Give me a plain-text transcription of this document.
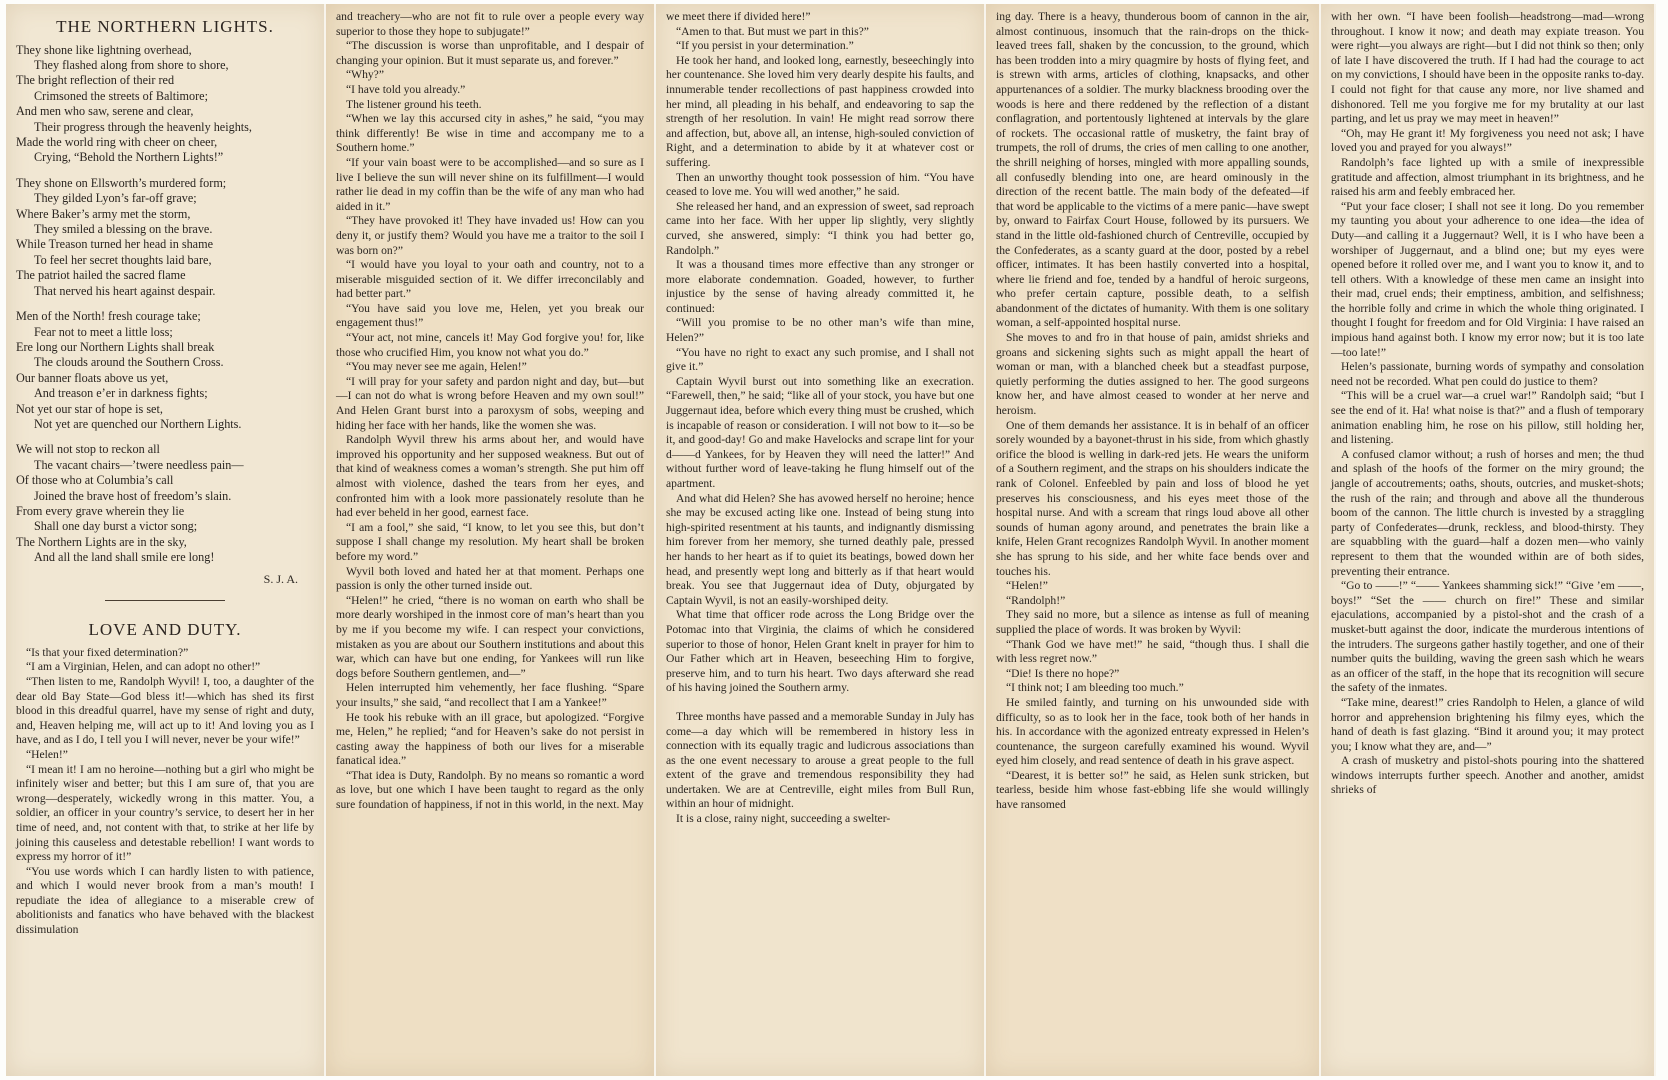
THE NORTHERN LIGHTS.
They shone like lightning overhead,
They flashed along from shore to shore,
The bright reflection of their red
Crimsoned the streets of Baltimore;
And men who saw, serene and clear,
Their progress through the heavenly heights,
Made the world ring with cheer on cheer,
Crying, “Behold the Northern Lights!”
They shone on Ellsworth’s murdered form;
They gilded Lyon’s far-off grave;
Where Baker’s army met the storm,
They smiled a blessing on the brave.
While Treason turned her head in shame
To feel her secret thoughts laid bare,
The patriot hailed the sacred flame
That nerved his heart against despair.
Men of the North! fresh courage take;
Fear not to meet a little loss;
Ere long our Northern Lights shall break
The clouds around the Southern Cross.
Our banner floats above us yet,
And treason e’er in darkness fights;
Not yet our star of hope is set,
Not yet are quenched our Northern Lights.
We will not stop to reckon all
The vacant chairs—’twere needless pain—
Of those who at Columbia’s call
Joined the brave host of freedom’s slain.
From every grave wherein they lie
Shall one day burst a victor song;
The Northern Lights are in the sky,
And all the land shall smile ere long!
S. J. A.
LOVE AND DUTY.

“Is that your fixed determination?”

“I am a Virginian, Helen, and can adopt no other!”

“Then listen to me, Randolph Wyvil! I, too, a daughter of the dear old Bay State—God bless it!—which has shed its first blood in this dreadful quarrel, have my sense of right and duty, and, Heaven helping me, will act up to it! And loving you as I have, and as I do, I tell you I will never, never be your wife!”

“Helen!”

“I mean it! I am no heroine—nothing but a girl who might be infinitely wiser and better; but this I am sure of, that you are wrong—desperately, wickedly wrong in this matter. You, a soldier, an officer in your country’s service, to desert her in her time of need, and, not content with that, to strike at her life by joining this causeless and detestable rebellion! I want words to express my horror of it!”

“You use words which I can hardly listen to with patience, and which I would never brook from a man’s mouth! I repudiate the idea of allegiance to a miserable crew of abolitionists and fanatics who have behaved with the blackest dissimulation

and treachery—who are not fit to rule over a people every way superior to those they hope to subjugate!”

“The discussion is worse than unprofitable, and I despair of changing your opinion. But it must separate us, and forever.”

“Why?”

“I have told you already.”

The listener ground his teeth.

“When we lay this accursed city in ashes,” he said, “you may think differently! Be wise in time and accompany me to a Southern home.”

“If your vain boast were to be accomplished—and so sure as I live I believe the sun will never shine on its fulfillment—I would rather lie dead in my coffin than be the wife of any man who had aided in it.”

“They have provoked it! They have invaded us! How can you deny it, or justify them? Would you have me a traitor to the soil I was born on?”

“I would have you loyal to your oath and country, not to a miserable misguided section of it. We differ irreconcilably and had better part.”

“You have said you love me, Helen, yet you break our engagement thus!”

“Your act, not mine, cancels it! May God forgive you! for, like those who crucified Him, you know not what you do.”

“You may never see me again, Helen!”

“I will pray for your safety and pardon night and day, but—but—I can not do what is wrong before Heaven and my own soul!” And Helen Grant burst into a paroxysm of sobs, weeping and hiding her face with her hands, like the women she was.

Randolph Wyvil threw his arms about her, and would have improved his opportunity and her supposed weakness. But out of that kind of weakness comes a woman’s strength. She put him off almost with violence, dashed the tears from her eyes, and confronted him with a look more passionately resolute than he had ever beheld in her good, earnest face.

“I am a fool,” she said, “I know, to let you see this, but don’t suppose I shall change my resolution. My heart shall be broken before my word.”

Wyvil both loved and hated her at that moment. Perhaps one passion is only the other turned inside out.

“Helen!” he cried, “there is no woman on earth who shall be more dearly worshiped in the inmost core of man’s heart than you by me if you become my wife. I can respect your convictions, mistaken as you are about our Southern institutions and about this war, which can have but one ending, for Yankees will run like dogs before Southern gentlemen, and—”

Helen interrupted him vehemently, her face flushing. “Spare your insults,” she said, “and recollect that I am a Yankee!”

He took his rebuke with an ill grace, but apologized. “Forgive me, Helen,” he replied; “and for Heaven’s sake do not persist in casting away the happiness of both our lives for a miserable fanatical idea.”

“That idea is Duty, Randolph. By no means so romantic a word as love, but one which I have been taught to regard as the only sure foundation of happiness, if not in this world, in the next. May

we meet there if divided here!”

“Amen to that. But must we part in this?”

“If you persist in your determination.”

He took her hand, and looked long, earnestly, beseechingly into her countenance. She loved him very dearly despite his faults, and innumerable tender recollections of past happiness crowded into her mind, all pleading in his behalf, and endeavoring to sap the strength of her resolution. In vain! He might read sorrow there and affection, but, above all, an intense, high-souled conviction of Right, and a determination to abide by it at whatever cost or suffering.

Then an unworthy thought took possession of him. “You have ceased to love me. You will wed another,” he said.

She released her hand, and an expression of sweet, sad reproach came into her face. With her upper lip slightly, very slightly curved, she answered, simply: “I think you had better go, Randolph.”

It was a thousand times more effective than any stronger or more elaborate condemnation. Goaded, however, to further injustice by the sense of having already committed it, he continued:

“Will you promise to be no other man’s wife than mine, Helen?”

“You have no right to exact any such promise, and I shall not give it.”

Captain Wyvil burst out into something like an execration. “Farewell, then,” he said; “like all of your stock, you have but one Juggernaut idea, before which every thing must be crushed, which is incapable of reason or consideration. I will not bow to it—so be it, and good-day! Go and make Havelocks and scrape lint for your d——d Yankees, for by Heaven they will need the latter!” And without further word of leave-taking he flung himself out of the apartment.

And what did Helen? She has avowed herself no heroine; hence she may be excused acting like one. Instead of being stung into high-spirited resentment at his taunts, and indignantly dismissing him forever from her memory, she turned deathly pale, pressed her hands to her heart as if to quiet its beatings, bowed down her head, and presently wept long and bitterly as if that heart would break. You see that Juggernaut idea of Duty, objurgated by Captain Wyvil, is not an easily-worshiped deity.

What time that officer rode across the Long Bridge over the Potomac into that Virginia, the claims of which he considered superior to those of honor, Helen Grant knelt in prayer for him to Our Father which art in Heaven, beseeching Him to forgive, preserve him, and to turn his heart. Two days afterward she read of his having joined the Southern army.

Three months have passed and a memorable Sunday in July has come—a day which will be remembered in history less in connection with its equally tragic and ludicrous associations than as the one event necessary to arouse a great people to the full extent of the grave and tremendous responsibility they had undertaken. We are at Centreville, eight miles from Bull Run, within an hour of midnight.

It is a close, rainy night, succeeding a swelter-

ing day. There is a heavy, thunderous boom of cannon in the air, almost continuous, insomuch that the rain-drops on the thick-leaved trees fall, shaken by the concussion, to the ground, which has been trodden into a miry quagmire by hosts of flying feet, and is strewn with arms, articles of clothing, knapsacks, and other appurtenances of a soldier. The murky blackness brooding over the woods is here and there reddened by the reflection of a distant conflagration, and portentously lightened at intervals by the glare of rockets. The occasional rattle of musketry, the faint bray of trumpets, the roll of drums, the cries of men calling to one another, the shrill neighing of horses, mingled with more appalling sounds, all confusedly blending into one, are heard ominously in the direction of the recent battle. The main body of the defeated—if that word be applicable to the victims of a mere panic—have swept by, onward to Fairfax Court House, followed by its pursuers. We stand in the little old-fashioned church of Centreville, occupied by the Confederates, as a scanty guard at the door, posted by a rebel officer, intimates. It has been hastily converted into a hospital, where lie friend and foe, tended by a handful of heroic surgeons, who prefer certain capture, possible death, to a selfish abandonment of the dictates of humanity. With them is one solitary woman, a self-appointed hospital nurse.

She moves to and fro in that house of pain, amidst shrieks and groans and sickening sights such as might appall the heart of woman or man, with a blanched cheek but a steadfast purpose, quietly performing the duties assigned to her. The good surgeons know her, and have almost ceased to wonder at her nerve and heroism.

One of them demands her assistance. It is in behalf of an officer sorely wounded by a bayonet-thrust in his side, from which ghastly orifice the blood is welling in dark-red jets. He wears the uniform of a Southern regiment, and the straps on his shoulders indicate the rank of Colonel. Enfeebled by pain and loss of blood he yet preserves his consciousness, and his eyes meet those of the hospital nurse. And with a scream that rings loud above all other sounds of human agony around, and penetrates the brain like a knife, Helen Grant recognizes Randolph Wyvil. In another moment she has sprung to his side, and her white face bends over and touches his.

“Helen!”

“Randolph!”

They said no more, but a silence as intense as full of meaning supplied the place of words. It was broken by Wyvil:

“Thank God we have met!” he said, “though thus. I shall die with less regret now.”

“Die! Is there no hope?”

“I think not; I am bleeding too much.”

He smiled faintly, and turning on his unwounded side with difficulty, so as to look her in the face, took both of her hands in his. In accordance with the agonized entreaty expressed in Helen’s countenance, the surgeon carefully examined his wound. Wyvil eyed him closely, and read sentence of death in his grave aspect.

“Dearest, it is better so!” he said, as Helen sunk stricken, but tearless, beside him whose fast-ebbing life she would willingly have ransomed

with her own. “I have been foolish—headstrong—mad—wrong throughout. I know it now; and death may expiate treason. You were right—you always are right—but I did not think so then; only of late I have discovered the truth. If I had had the courage to act on my convictions, I should have been in the opposite ranks to-day. I could not fight for that cause any more, nor live shamed and dishonored. Tell me you forgive me for my brutality at our last parting, and let us pray we may meet in heaven!”

“Oh, may He grant it! My forgiveness you need not ask; I have loved you and prayed for you always!”

Randolph’s face lighted up with a smile of inexpressible gratitude and affection, almost triumphant in its brightness, and he raised his arm and feebly embraced her.

“Put your face closer; I shall not see it long. Do you remember my taunting you about your adherence to one idea—the idea of Duty—and calling it a Juggernaut? Well, it is I who have been a worshiper of Juggernaut, and a blind one; but my eyes were opened before it rolled over me, and I want you to know it, and to tell others. With a knowledge of these men came an insight into their mad, cruel ends; their emptiness, ambition, and selfishness; the horrible folly and crime in which the whole thing originated. I thought I fought for freedom and for Old Virginia: I have raised an impious hand against both. I know my error now; but it is too late—too late!”

Helen’s passionate, burning words of sympathy and consolation need not be recorded. What pen could do justice to them?

“This will be a cruel war—a cruel war!” Randolph said; “but I see the end of it. Ha! what noise is that?” and a flush of temporary animation enabling him, he rose on his pillow, still holding her, and listening.

A confused clamor without; a rush of horses and men; the thud and splash of the hoofs of the former on the miry ground; the jangle of accoutrements; oaths, shouts, outcries, and musket-shots; the rush of the rain; and through and above all the thunderous boom of the cannon. The little church is invested by a straggling party of Confederates—drunk, reckless, and blood-thirsty. They are squabbling with the guard—half a dozen men—who vainly represent to them that the wounded within are of both sides, preventing their entrance.

“Go to ——!” “—— Yankees shamming sick!” “Give ’em ——, boys!” “Set the —— church on fire!” These and similar ejaculations, accompanied by a pistol-shot and the crash of a musket-butt against the door, indicate the murderous intentions of the intruders. The surgeons gather hastily together, and one of their number quits the building, waving the green sash which he wears as an officer of the staff, in the hope that its recognition will secure the safety of the inmates.

“Take mine, dearest!” cries Randolph to Helen, a glance of wild horror and apprehension brightening his filmy eyes, which the hand of death is fast glazing. “Bind it around you; it may protect you; I know what they are, and—”

A crash of musketry and pistol-shots pouring into the shattered windows interrupts further speech. Another and another, amidst shrieks of
